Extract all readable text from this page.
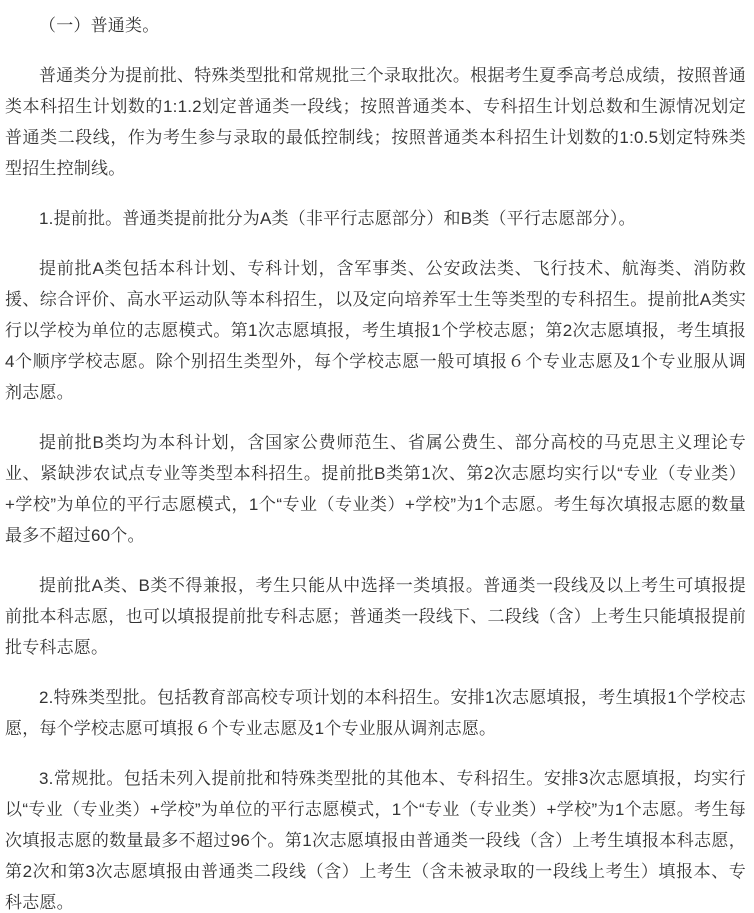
（一）普通类。

普通类分为提前批、特殊类型批和常规批三个录取批次。根据考生夏季高考总成绩，按照普通类本科招生计划数的1:1.2划定普通类一段线；按照普通类本、专科招生计划总数和生源情况划定普通类二段线，作为考生参与录取的最低控制线；按照普通类本科招生计划数的1:0.5划定特殊类型招生控制线。

1.提前批。普通类提前批分为A类（非平行志愿部分）和B类（平行志愿部分）。

提前批A类包括本科计划、专科计划，含军事类、公安政法类、飞行技术、航海类、消防救援、综合评价、高水平运动队等本科招生，以及定向培养军士生等类型的专科招生。提前批A类实行以学校为单位的志愿模式。第1次志愿填报，考生填报1个学校志愿；第2次志愿填报，考生填报4个顺序学校志愿。除个别招生类型外，每个学校志愿一般可填报６个专业志愿及1个专业服从调剂志愿。

提前批B类均为本科计划，含国家公费师范生、省属公费生、部分高校的马克思主义理论专业、紧缺涉农试点专业等类型本科招生。提前批B类第1次、第2次志愿均实行以“专业（专业类）+学校”为单位的平行志愿模式，1个“专业（专业类）+学校”为1个志愿。考生每次填报志愿的数量最多不超过60个。

提前批A类、B类不得兼报，考生只能从中选择一类填报。普通类一段线及以上考生可填报提前批本科志愿，也可以填报提前批专科志愿；普通类一段线下、二段线（含）上考生只能填报提前批专科志愿。

2.特殊类型批。包括教育部高校专项计划的本科招生。安排1次志愿填报，考生填报1个学校志愿，每个学校志愿可填报６个专业志愿及1个专业服从调剂志愿。

3.常规批。包括未列入提前批和特殊类型批的其他本、专科招生。安排3次志愿填报，均实行以“专业（专业类）+学校”为单位的平行志愿模式，1个“专业（专业类）+学校”为1个志愿。考生每次填报志愿的数量最多不超过96个。第1次志愿填报由普通类一段线（含）上考生填报本科志愿，第2次和第3次志愿填报由普通类二段线（含）上考生（含未被录取的一段线上考生）填报本、专科志愿。
